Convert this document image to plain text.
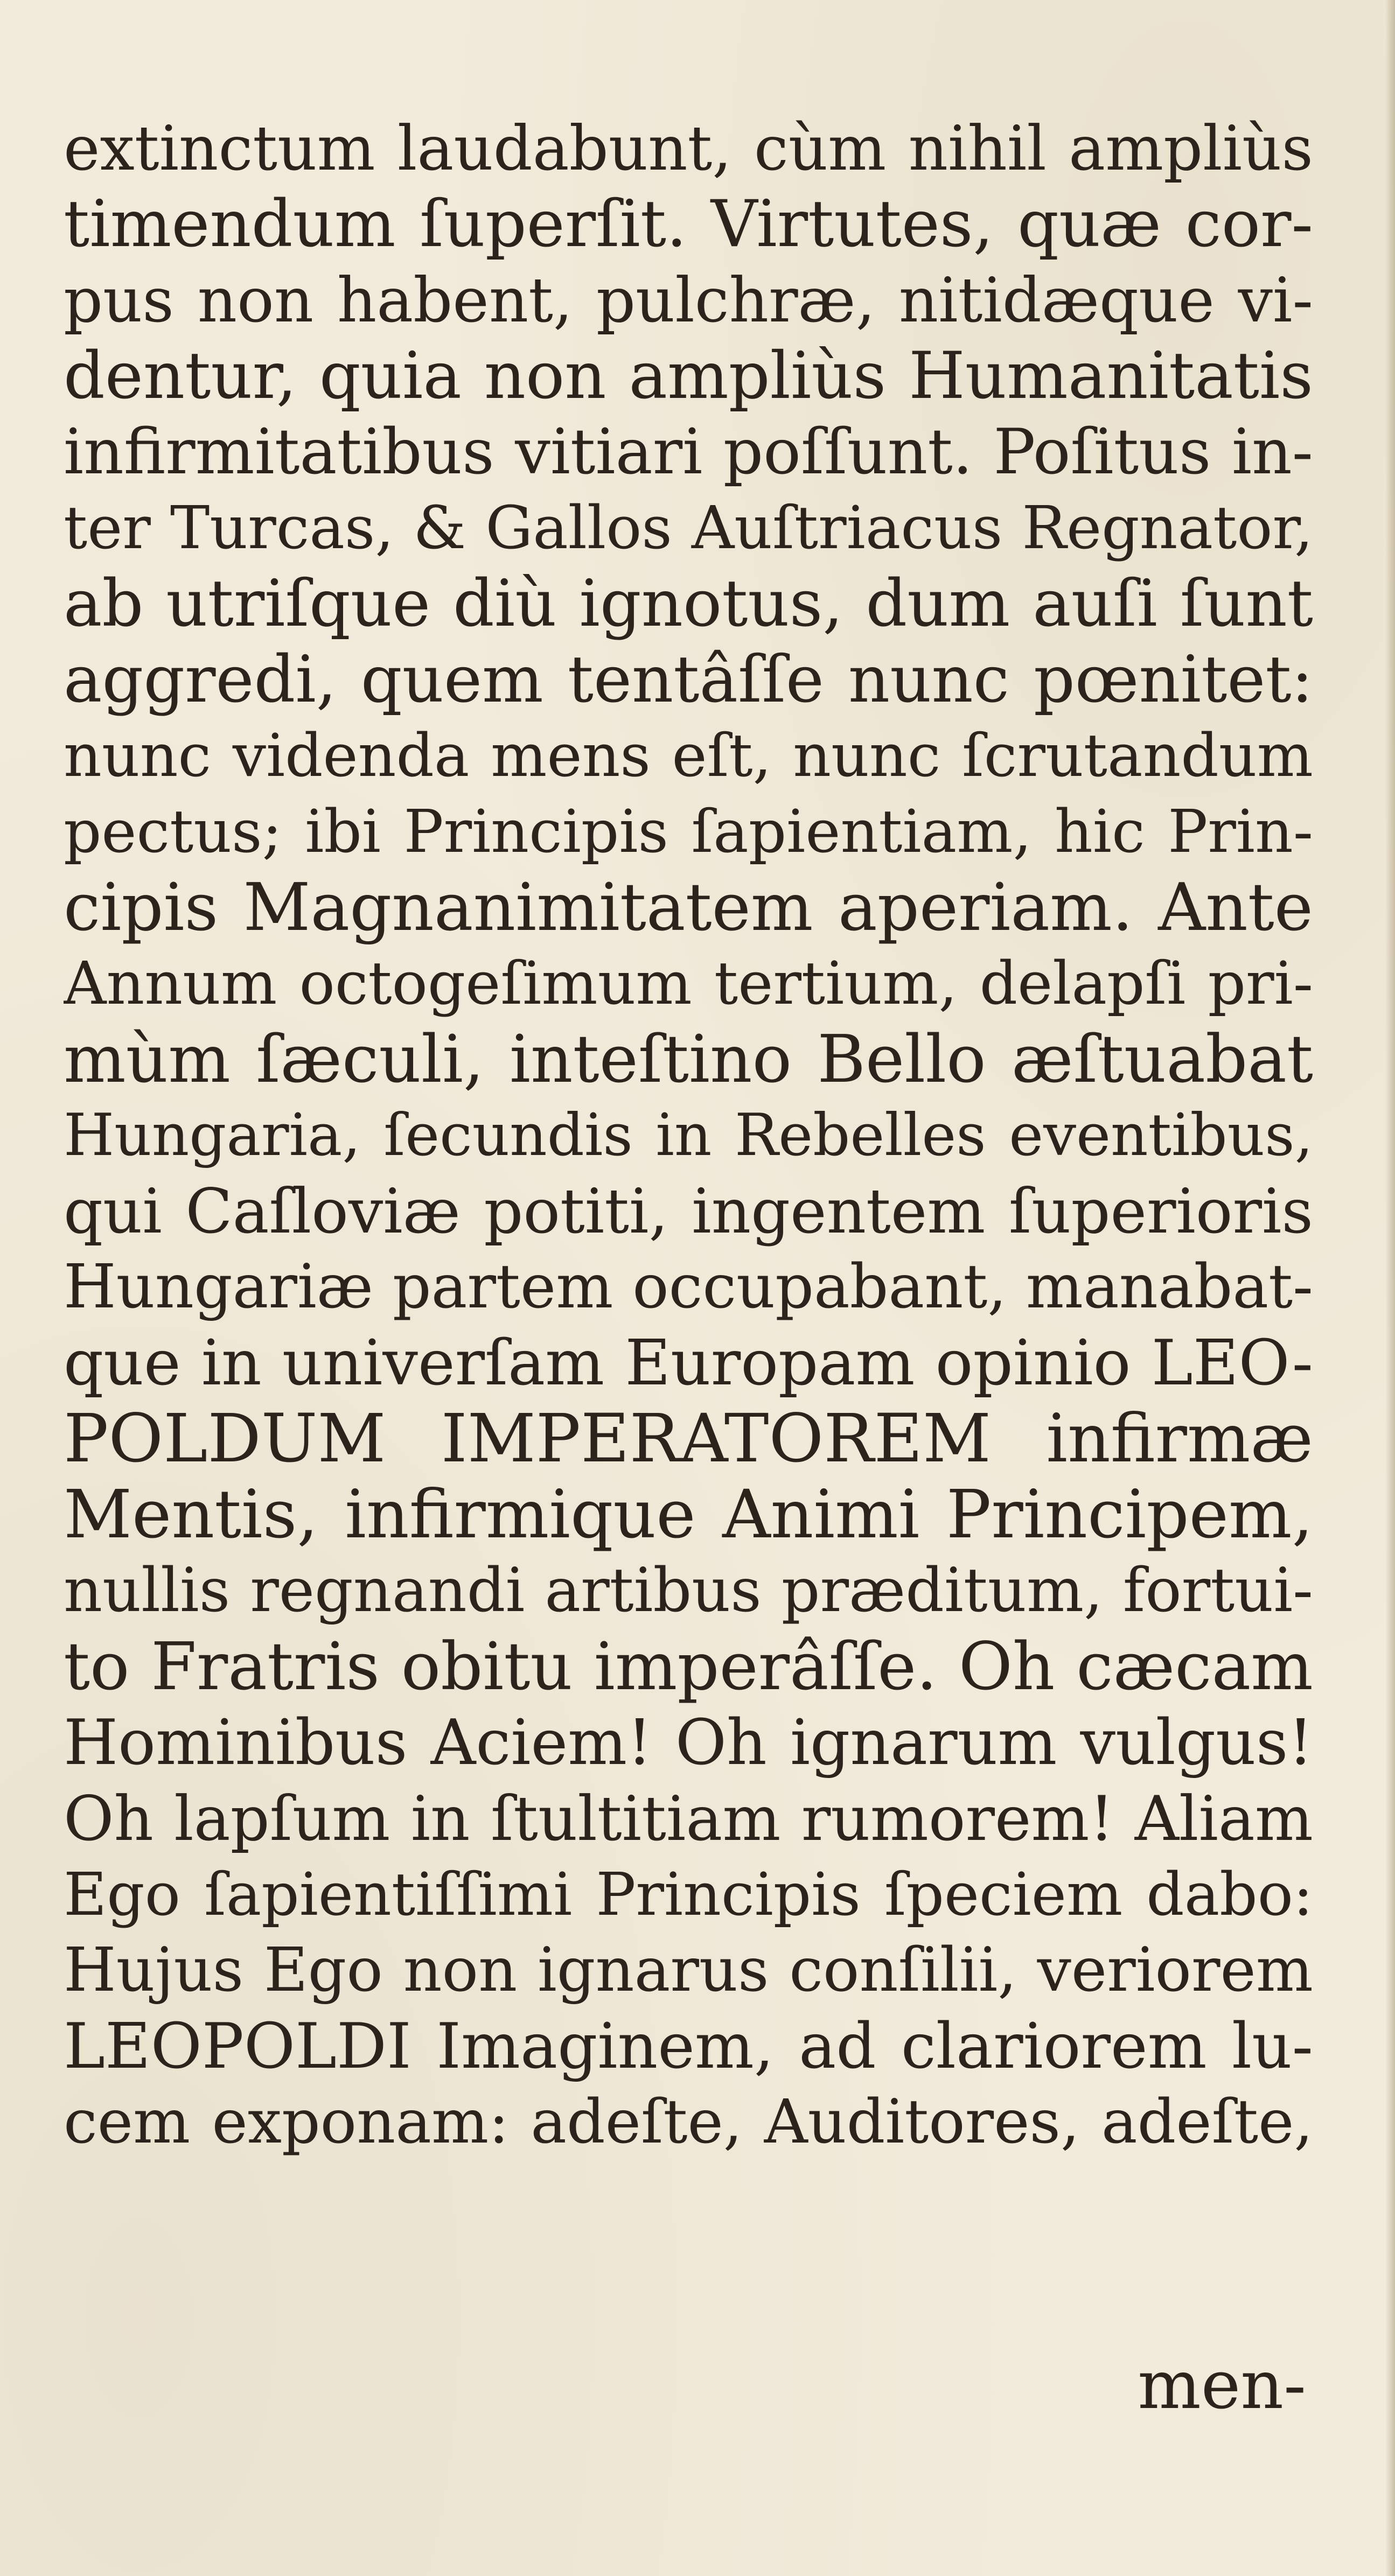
extinctum laudabunt, cùm nihil ampliùs
timendum ſuperſit. Virtutes, quæ cor-
pus non habent, pulchræ, nitidæque vi-
dentur, quia non ampliùs Humanitatis
infirmitatibus vitiari poſſunt. Poſitus in-
ter Turcas, & Gallos Auſtriacus Regnator,
ab utriſque diù ignotus, dum auſi ſunt
aggredi, quem tentâſſe nunc pœnitet:
nunc videnda mens eſt, nunc ſcrutandum
pectus; ibi Principis ſapientiam, hic Prin-
cipis Magnanimitatem aperiam. Ante
Annum octogeſimum tertium, delapſi pri-
mùm ſæculi, inteſtino Bello æſtuabat
Hungaria, ſecundis in Rebelles eventibus,
qui Caſloviæ potiti, ingentem ſuperioris
Hungariæ partem occupabant, manabat-
que in univerſam Europam opinio LEO-
POLDUM IMPERATOREM infirmæ
Mentis, infirmique Animi Principem,
nullis regnandi artibus præditum, fortui-
to Fratris obitu imperâſſe. Oh cæcam
Hominibus Aciem! Oh ignarum vulgus!
Oh lapſum in ſtultitiam rumorem! Aliam
Ego ſapientiſſimi Principis ſpeciem dabo:
Hujus Ego non ignarus conſilii, veriorem
LEOPOLDI Imaginem, ad clariorem lu-
cem exponam: adeſte, Auditores, adeſte,
men-
